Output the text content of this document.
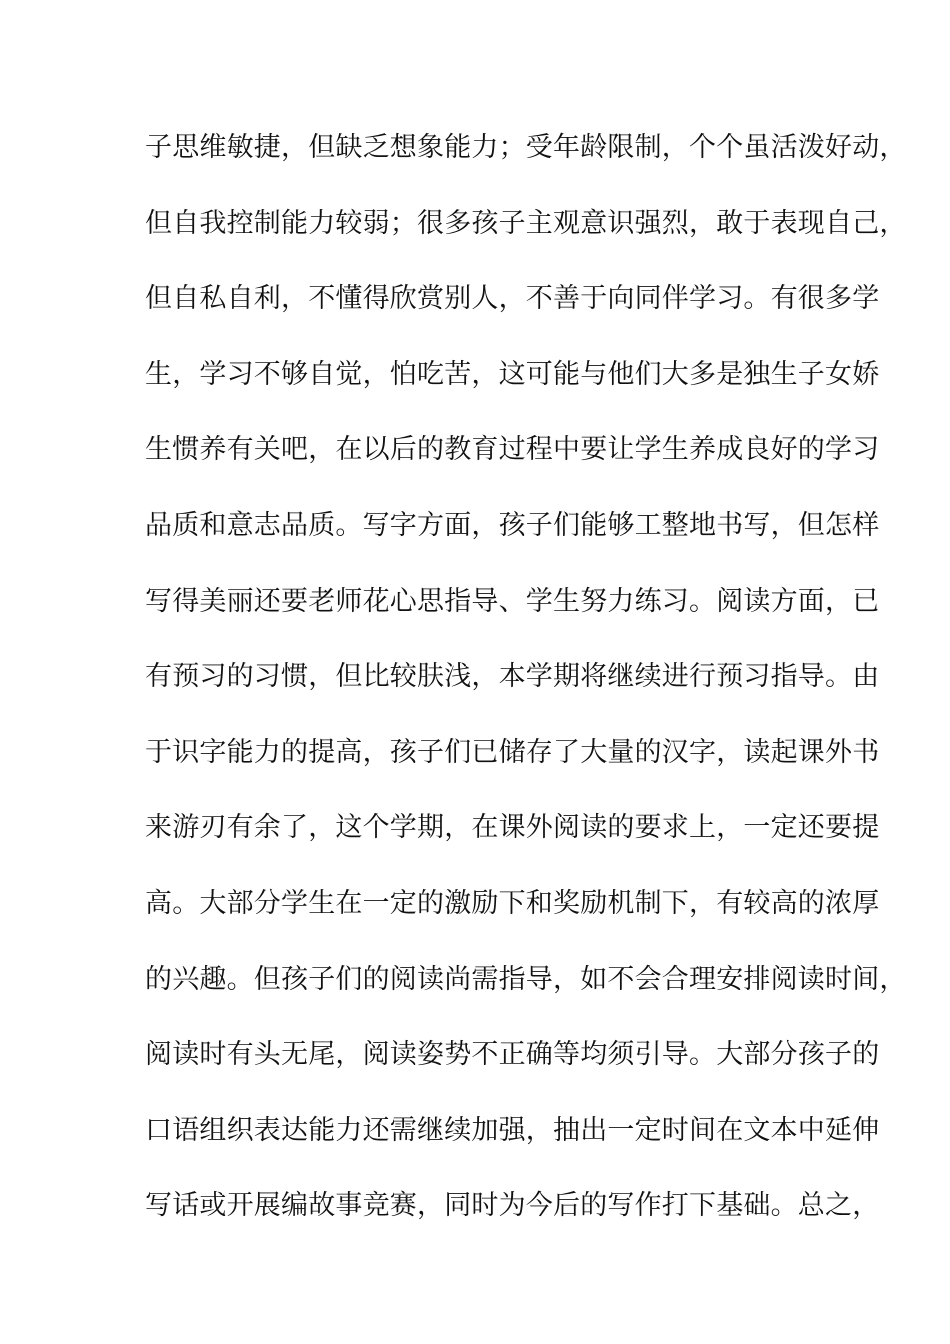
子思维敏捷，但缺乏想象能力；受年龄限制，个个虽活泼好动，
但自我控制能力较弱；很多孩子主观意识强烈，敢于表现自己，
但自私自利，不懂得欣赏别人，不善于向同伴学习。有很多学
生，学习不够自觉，怕吃苦，这可能与他们大多是独生子女娇
生惯养有关吧，在以后的教育过程中要让学生养成良好的学习
品质和意志品质。写字方面，孩子们能够工整地书写，但怎样
写得美丽还要老师花心思指导、学生努力练习。阅读方面，已
有预习的习惯，但比较肤浅，本学期将继续进行预习指导。由
于识字能力的提高，孩子们已储存了大量的汉字，读起课外书
来游刃有余了，这个学期，在课外阅读的要求上，一定还要提
高。大部分学生在一定的激励下和奖励机制下，有较高的浓厚
的兴趣。但孩子们的阅读尚需指导，如不会合理安排阅读时间，
阅读时有头无尾，阅读姿势不正确等均须引导。大部分孩子的
口语组织表达能力还需继续加强，抽出一定时间在文本中延伸
写话或开展编故事竞赛，同时为今后的写作打下基础。总之，
